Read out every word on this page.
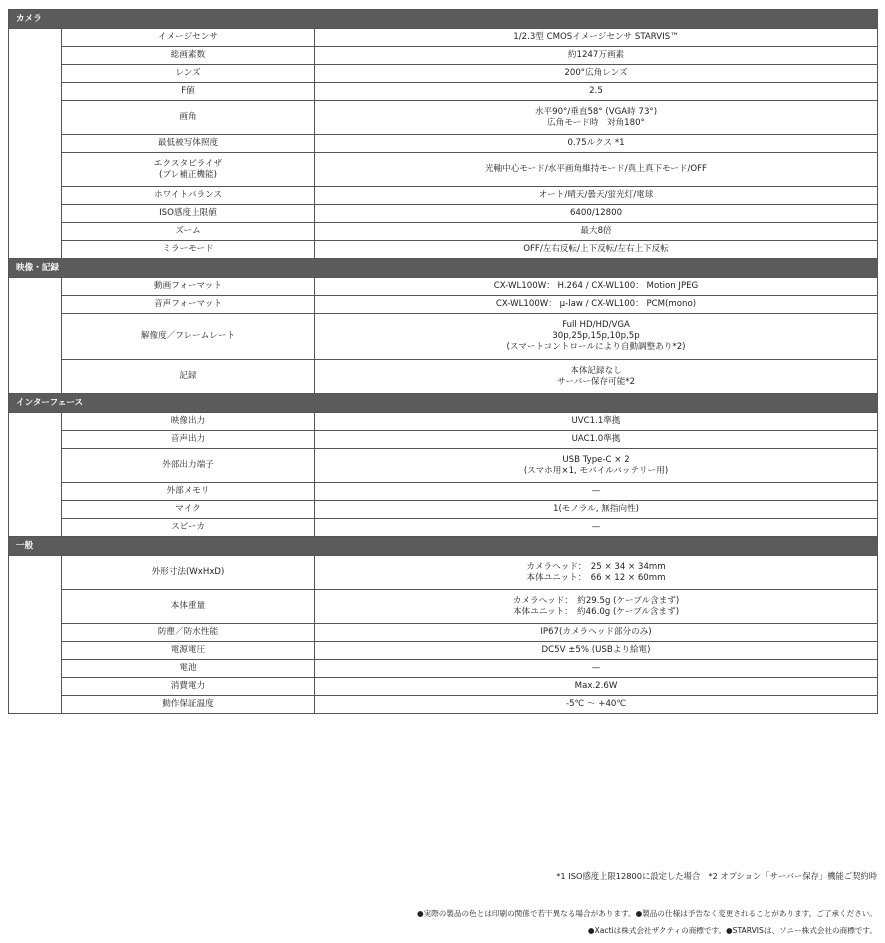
カメラ		

	イメージセンサ	1/2.3型 CMOSイメージセンサ STARVIS™

	総画素数	約1247万画素

	レンズ	200°広角レンズ

	F値	2.5

	画角	水平90°/垂直58° (VGA時 73°)
広角モード時　対角180°

	最低被写体照度	0.75ルクス *1

	エクスタビライザ
(ブレ補正機能)	光軸中心モード/水平画角維持モード/真上真下モード/OFF

	ホワイトバランス	オート/晴天/曇天/蛍光灯/電球

	ISO感度上限値	6400/12800

	ズーム	最大8倍

	ミラーモード	OFF/左右反転/上下反転/左右上下反転

映像・記録		

	動画フォーマット	CX-WL100W： H.264 / CX-WL100： Motion JPEG

	音声フォーマット	CX-WL100W： μ-law / CX-WL100： PCM(mono)

	解像度／フレームレート	Full HD/HD/VGA
30p,25p,15p,10p,5p
(スマートコントロールにより自動調整あり*2)

	記録	本体記録なし
サーバー保存可能*2

インターフェース		

	映像出力	UVC1.1準拠

	音声出力	UAC1.0準拠

	外部出力端子	USB Type-C × 2
(スマホ用×1, モバイルバッテリー用)

	外部メモリ	—

	マイク	1(モノラル, 無指向性)

	スピーカ	—

一般		

	外形寸法(WxHxD)	カメラヘッド：　25 × 34 × 34mm
本体ユニット：　66 × 12 × 60mm

	本体重量	カメラヘッド：　約29.5g (ケーブル含まず)
本体ユニット：　約46.0g (ケーブル含まず)

	防塵／防水性能	IP67(カメラヘッド部分のみ)

	電源電圧	DC5V ±5% (USBより給電)

	電池	—

	消費電力	Max.2.6W

	動作保証温度	-5℃ ～ +40℃
*1 ISO感度上限12800に設定した場合　*2 オプション「サーバー保存」機能ご契約時
●実際の製品の色とは印刷の関係で若干異なる場合があります。●製品の仕様は予告なく変更されることがあります。ご了承ください。
●Xactiは株式会社ザクティの商標です。●STARVISは、ソニー株式会社の商標です。
